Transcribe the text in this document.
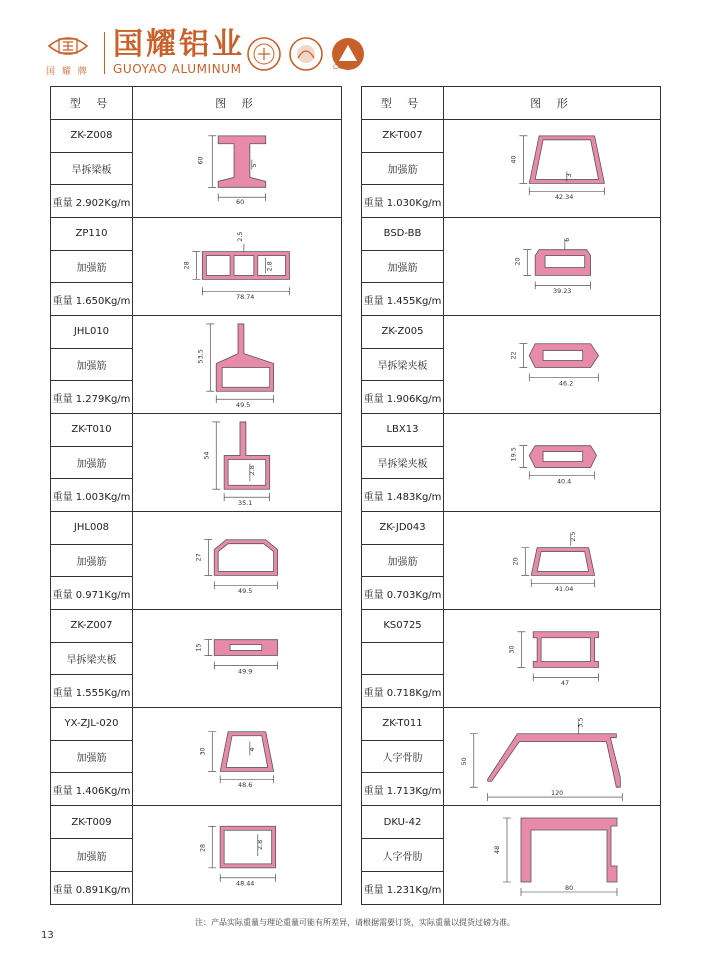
国 耀 牌
国耀铝业
GUOYAO ALUMINUM	CADBM
型 号	图 形
ZK-Z008
旱拆梁板
重量 2.902Kg/m
60
5
60
ZP110
加强筋
重量 1.650Kg/m
28
2.5
2.8
78.74
JHL010
加强筋
重量 1.279Kg/m
53.5
49.5
ZK-T010
加强筋
重量 1.003Kg/m
54
2.8
35.1
JHL008
加强筋
重量 0.971Kg/m
27
49.5
ZK-Z007
旱拆梁夹板
重量 1.555Kg/m
15
49.9
YX-ZJL-020
加强筋
重量 1.406Kg/m
30	4
48.6
ZK-T009
加强筋
重量 0.891Kg/m
28	2.8
48.44
型 号	图 形
ZK-T007
加强筋
重量 1.030Kg/m
40
3
42.34
BSD-BB
加强筋
重量 1.455Kg/m
20
6
39.23
ZK-Z005
旱拆梁夹板
重量 1.906Kg/m
22
46.2
LBX13
旱拆梁夹板
重量 1.483Kg/m
19.5
40.4
ZK-JD043
加强筋
重量 0.703Kg/m
20
2.5
41.04
KS0725
重量 0.718Kg/m
30
47
ZK-T011
人字骨肋
重量 1.713Kg/m
50
3.5
120
DKU-42
人字骨肋
重量 1.231Kg/m
48
80
注：产品实际重量与理论重量可能有所差异，请根据需要订货，实际重量以提货过磅为准。
13
